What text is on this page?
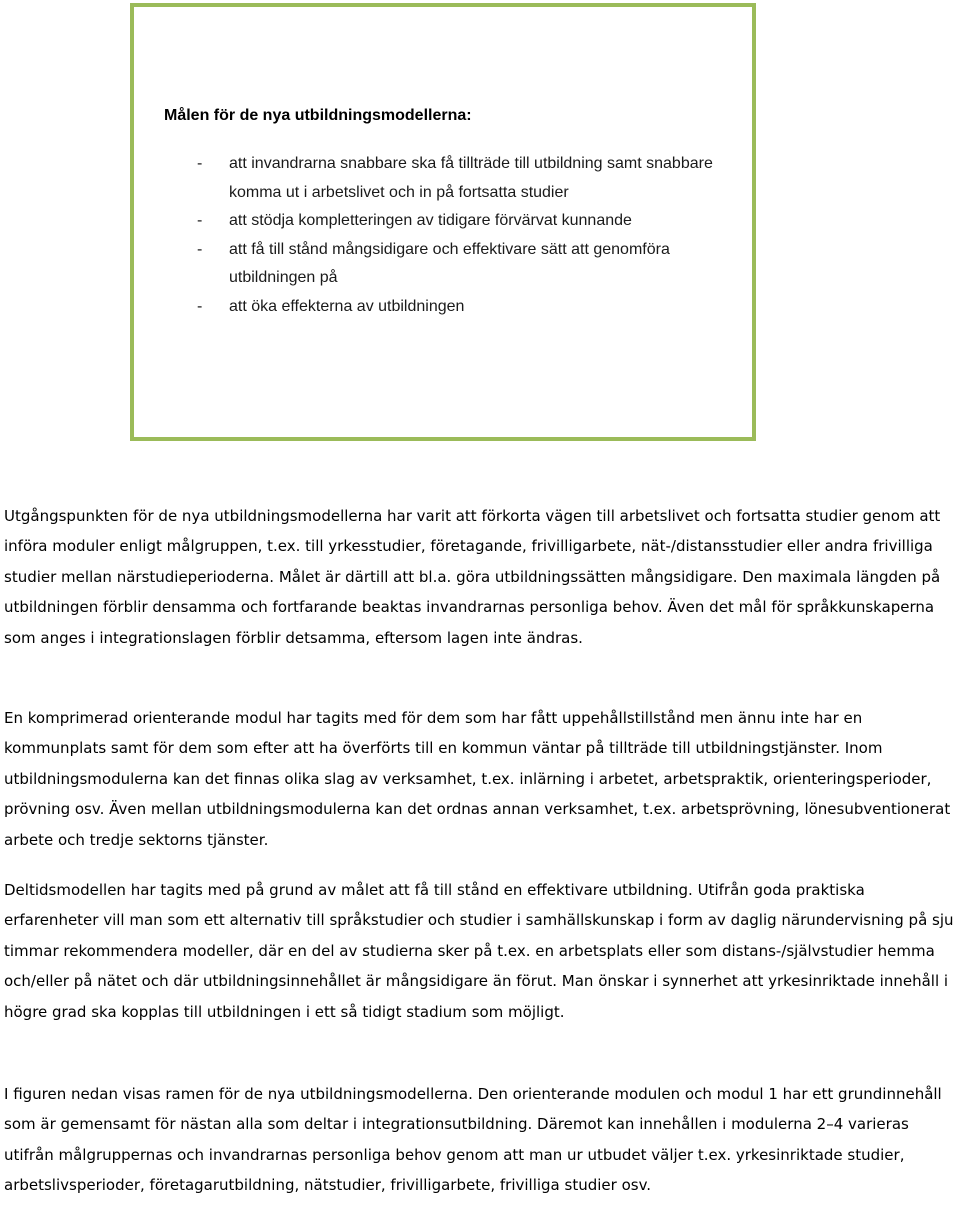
Målen för de nya utbildningsmodellerna:
- att invandrarna snabbare ska få tillträde till utbildning samt snabbare komma ut i arbetslivet och in på fortsatta studier
- att stödja kompletteringen av tidigare förvärvat kunnande
- att få till stånd mångsidigare och effektivare sätt att genomföra utbildningen på
- att öka effekterna av utbildningen

Utgångspunkten för de nya utbildningsmodellerna har varit att förkorta vägen till arbetslivet och fortsatta studier genom att införa moduler enligt målgruppen, t.ex. till yrkesstudier, företagande, frivilligarbete, nät-/distansstudier eller andra frivilliga studier mellan närstudieperioderna. Målet är därtill att bl.a. göra utbildningssätten mångsidigare. Den maximala längden på utbildningen förblir densamma och fortfarande beaktas invandrarnas personliga behov. Även det mål för språkkunskaperna som anges i integrationslagen förblir detsamma, eftersom lagen inte ändras.

En komprimerad orienterande modul har tagits med för dem som har fått uppehållstillstånd men ännu inte har en kommunplats samt för dem som efter att ha överförts till en kommun väntar på tillträde till utbildningstjänster. Inom utbildningsmodulerna kan det finnas olika slag av verksamhet, t.ex. inlärning i arbetet, arbetspraktik, orienteringsperioder, prövning osv. Även mellan utbildningsmodulerna kan det ordnas annan verksamhet, t.ex. arbetsprövning, lönesubventionerat arbete och tredje sektorns tjänster.

Deltidsmodellen har tagits med på grund av målet att få till stånd en effektivare utbildning. Utifrån goda praktiska erfarenheter vill man som ett alternativ till språkstudier och studier i samhällskunskap i form av daglig närundervisning på sju timmar rekommendera modeller, där en del av studierna sker på t.ex. en arbetsplats eller som distans-/självstudier hemma och/eller på nätet och där utbildningsinnehållet är mångsidigare än förut. Man önskar i synnerhet att yrkesinriktade innehåll i högre grad ska kopplas till utbildningen i ett så tidigt stadium som möjligt.

I figuren nedan visas ramen för de nya utbildningsmodellerna. Den orienterande modulen och modul 1 har ett grundinnehåll som är gemensamt för nästan alla som deltar i integrationsutbildning. Däremot kan innehållen i modulerna 2–4 varieras utifrån målgruppernas och invandrarnas personliga behov genom att man ur utbudet väljer t.ex. yrkesinriktade studier, arbetslivsperioder, företagarutbildning, nätstudier, frivilligarbete, frivilliga studier osv.
